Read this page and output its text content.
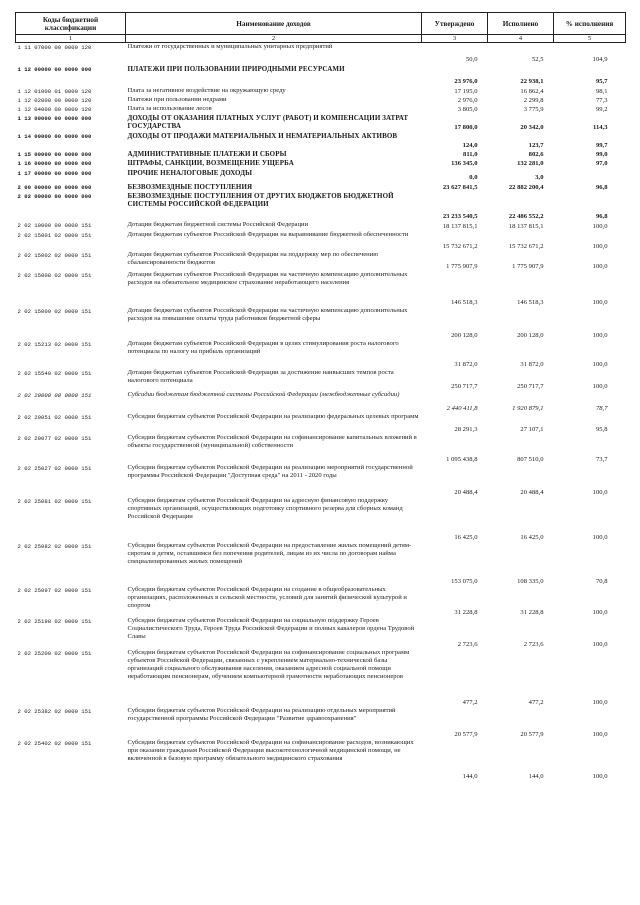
Коды бюджетной классификации	Наименование доходов	Утверждено	Исполнено	% исполнения
1	2	3	4	5
1 11 07000 00 0000 120	Платежи от государственных и муниципальных унитарных предприятий	50,0	52,5	104,9
1 12 00000 00 0000 000	ПЛАТЕЖИ ПРИ ПОЛЬЗОВАНИИ ПРИРОДНЫМИ РЕСУРСАМИ	23 976,0	22 938,1	95,7
1 12 01000 01 0000 120	Плата за негативное воздействие на окружающую среду	17 195,0	16 862,4	98,1
1 12 02000 00 0000 120	Платежи при пользовании недрами	2 976,0	2 299,8	77,3
1 12 04000 00 0000 120	Плата за использование лесов	3 805,0	3 775,9	99,2
1 13 00000 00 0000 000	ДОХОДЫ ОТ ОКАЗАНИЯ ПЛАТНЫХ УСЛУГ (РАБОТ) И КОМПЕНСАЦИИ ЗАТРАТ ГОСУДАРСТВА	17 800,0	20 342,0	114,3
1 14 00000 00 0000 000	ДОХОДЫ ОТ ПРОДАЖИ МАТЕРИАЛЬНЫХ И НЕМАТЕРИАЛЬНЫХ АКТИВОВ	124,0	123,7	99,7
1 15 00000 00 0000 000	АДМИНИСТРАТИВНЫЕ ПЛАТЕЖИ И СБОРЫ	811,0	802,6	99,0
1 16 00000 00 0000 000	ШТРАФЫ, САНКЦИИ, ВОЗМЕЩЕНИЕ УЩЕРБА	136 345,0	132 281,0	97,0
1 17 00000 00 0000 000	ПРОЧИЕ НЕНАЛОГОВЫЕ ДОХОДЫ	0,0	3,0	
2 00 00000 00 0000 000	БЕЗВОЗМЕЗДНЫЕ ПОСТУПЛЕНИЯ	23 627 841,5	22 882 200,4	96,8
2 02 00000 00 0000 000	БЕЗВОЗМЕЗДНЫЕ ПОСТУПЛЕНИЯ ОТ ДРУГИХ БЮДЖЕТОВ БЮДЖЕТНОЙ СИСТЕМЫ РОССИЙСКОЙ ФЕДЕРАЦИИ	23 233 540,5	22 486 552,2	96,8
2 02 10000 00 0000 151	Дотации бюджетам бюджетной системы Российской Федерации	18 137 815,1	18 137 815,1	100,0
2 02 15001 02 0000 151	Дотации бюджетам субъектов Российской Федерации на выравнивание бюджетной обеспеченности	15 732 671,2	15 732 671,2	100,0
2 02 15002 02 0000 151	Дотации бюджетам субъектов Российской Федерации на поддержку мер по обеспечению сбалансированности бюджетов	1 775 907,9	1 775 907,9	100,0
2 02 15008 02 0000 151	Дотации бюджетам субъектов Российской Федерации на частичную компенсацию дополнительных расходов на обязательное медицинское страхование неработающего населения	146 518,3	146 518,3	100,0
2 02 15009 02 0000 151	Дотации бюджетам субъектов Российской Федерации на частичную компенсацию дополнительных расходов на повышение оплаты труда работников бюджетной сферы	200 128,0	200 128,0	100,0
2 02 15213 02 0000 151	Дотации бюджетам субъектов Российской Федерации в целях стимулирования роста налогового потенциала по налогу на прибыль организаций	31 872,0	31 872,0	100,0
2 02 15549 02 0000 151	Дотации бюджетам субъектов Российской Федерации за достижение наивысших темпов роста налогового потенциала	250 717,7	250 717,7	100,0
2 02 20000 00 0000 151	Субсидии бюджетам бюджетной системы Российской Федерации (межбюджетные субсидии)	2 440 411,8	1 920 879,1	78,7
2 02 20051 02 0000 151	Субсидии бюджетам субъектов Российской Федерации на реализацию федеральных целевых программ	28 291,3	27 107,1	95,8
2 02 20077 02 0000 151	Субсидии бюджетам субъектов Российской Федерации на софинансирование капитальных вложений в объекты государственной (муниципальной) собственности	1 095 438,8	807 510,0	73,7
2 02 25027 02 0000 151	Субсидии бюджетам субъектов Российской Федерации на реализацию мероприятий государственной программы Российской Федерации "Доступная среда" на 2011 - 2020 годы	20 488,4	20 488,4	100,0
2 02 25081 02 0000 151	Субсидии бюджетам субъектов Российской Федерации на адресную финансовую поддержку спортивных организаций, осуществляющих подготовку спортивного резерва для сборных команд Российской Федерации	16 425,0	16 425,0	100,0
2 02 25082 02 0000 151	Субсидии бюджетам субъектов Российской Федерации на предоставление жилых помещений детям-сиротам и детям, оставшимся без попечения родителей, лицам из их числа по договорам найма специализированных жилых помещений	153 075,0	108 335,0	70,8
2 02 25097 02 0000 151	Субсидии бюджетам субъектов Российской Федерации на создание в общеобразовательных организациях, расположенных в сельской местности, условий для занятий физической культурой и спортом	31 228,8	31 228,8	100,0
2 02 25198 02 0000 151	Субсидии бюджетам субъектов Российской Федерации на социальную поддержку Героев Социалистического Труда, Героев Труда Российской Федерации и полных кавалеров ордена Трудовой Славы	2 723,6	2 723,6	100,0
2 02 25209 02 0000 151	Субсидии бюджетам субъектов Российской Федерации на софинансирование социальных программ субъектов Российской Федерации, связанных с укреплением материально-технической базы организаций социального обслуживания населения, оказанием адресной социальной помощи неработающим пенсионерам, обучением компьютерной грамотности неработающих пенсионеров	477,2	477,2	100,0
2 02 25382 02 0000 151	Субсидии бюджетам субъектов Российской Федерации на реализацию отдельных мероприятий государственной программы Российской Федерации "Развитие здравоохранения"	20 577,9	20 577,9	100,0
2 02 25402 02 0000 151	Субсидии бюджетам субъектов Российской Федерации на софинансирование расходов, возникающих при оказании гражданам Российской Федерации высокотехнологичной медицинской помощи, не включенной в базовую программу обязательного медицинского страхования	144,0	144,0	100,0
